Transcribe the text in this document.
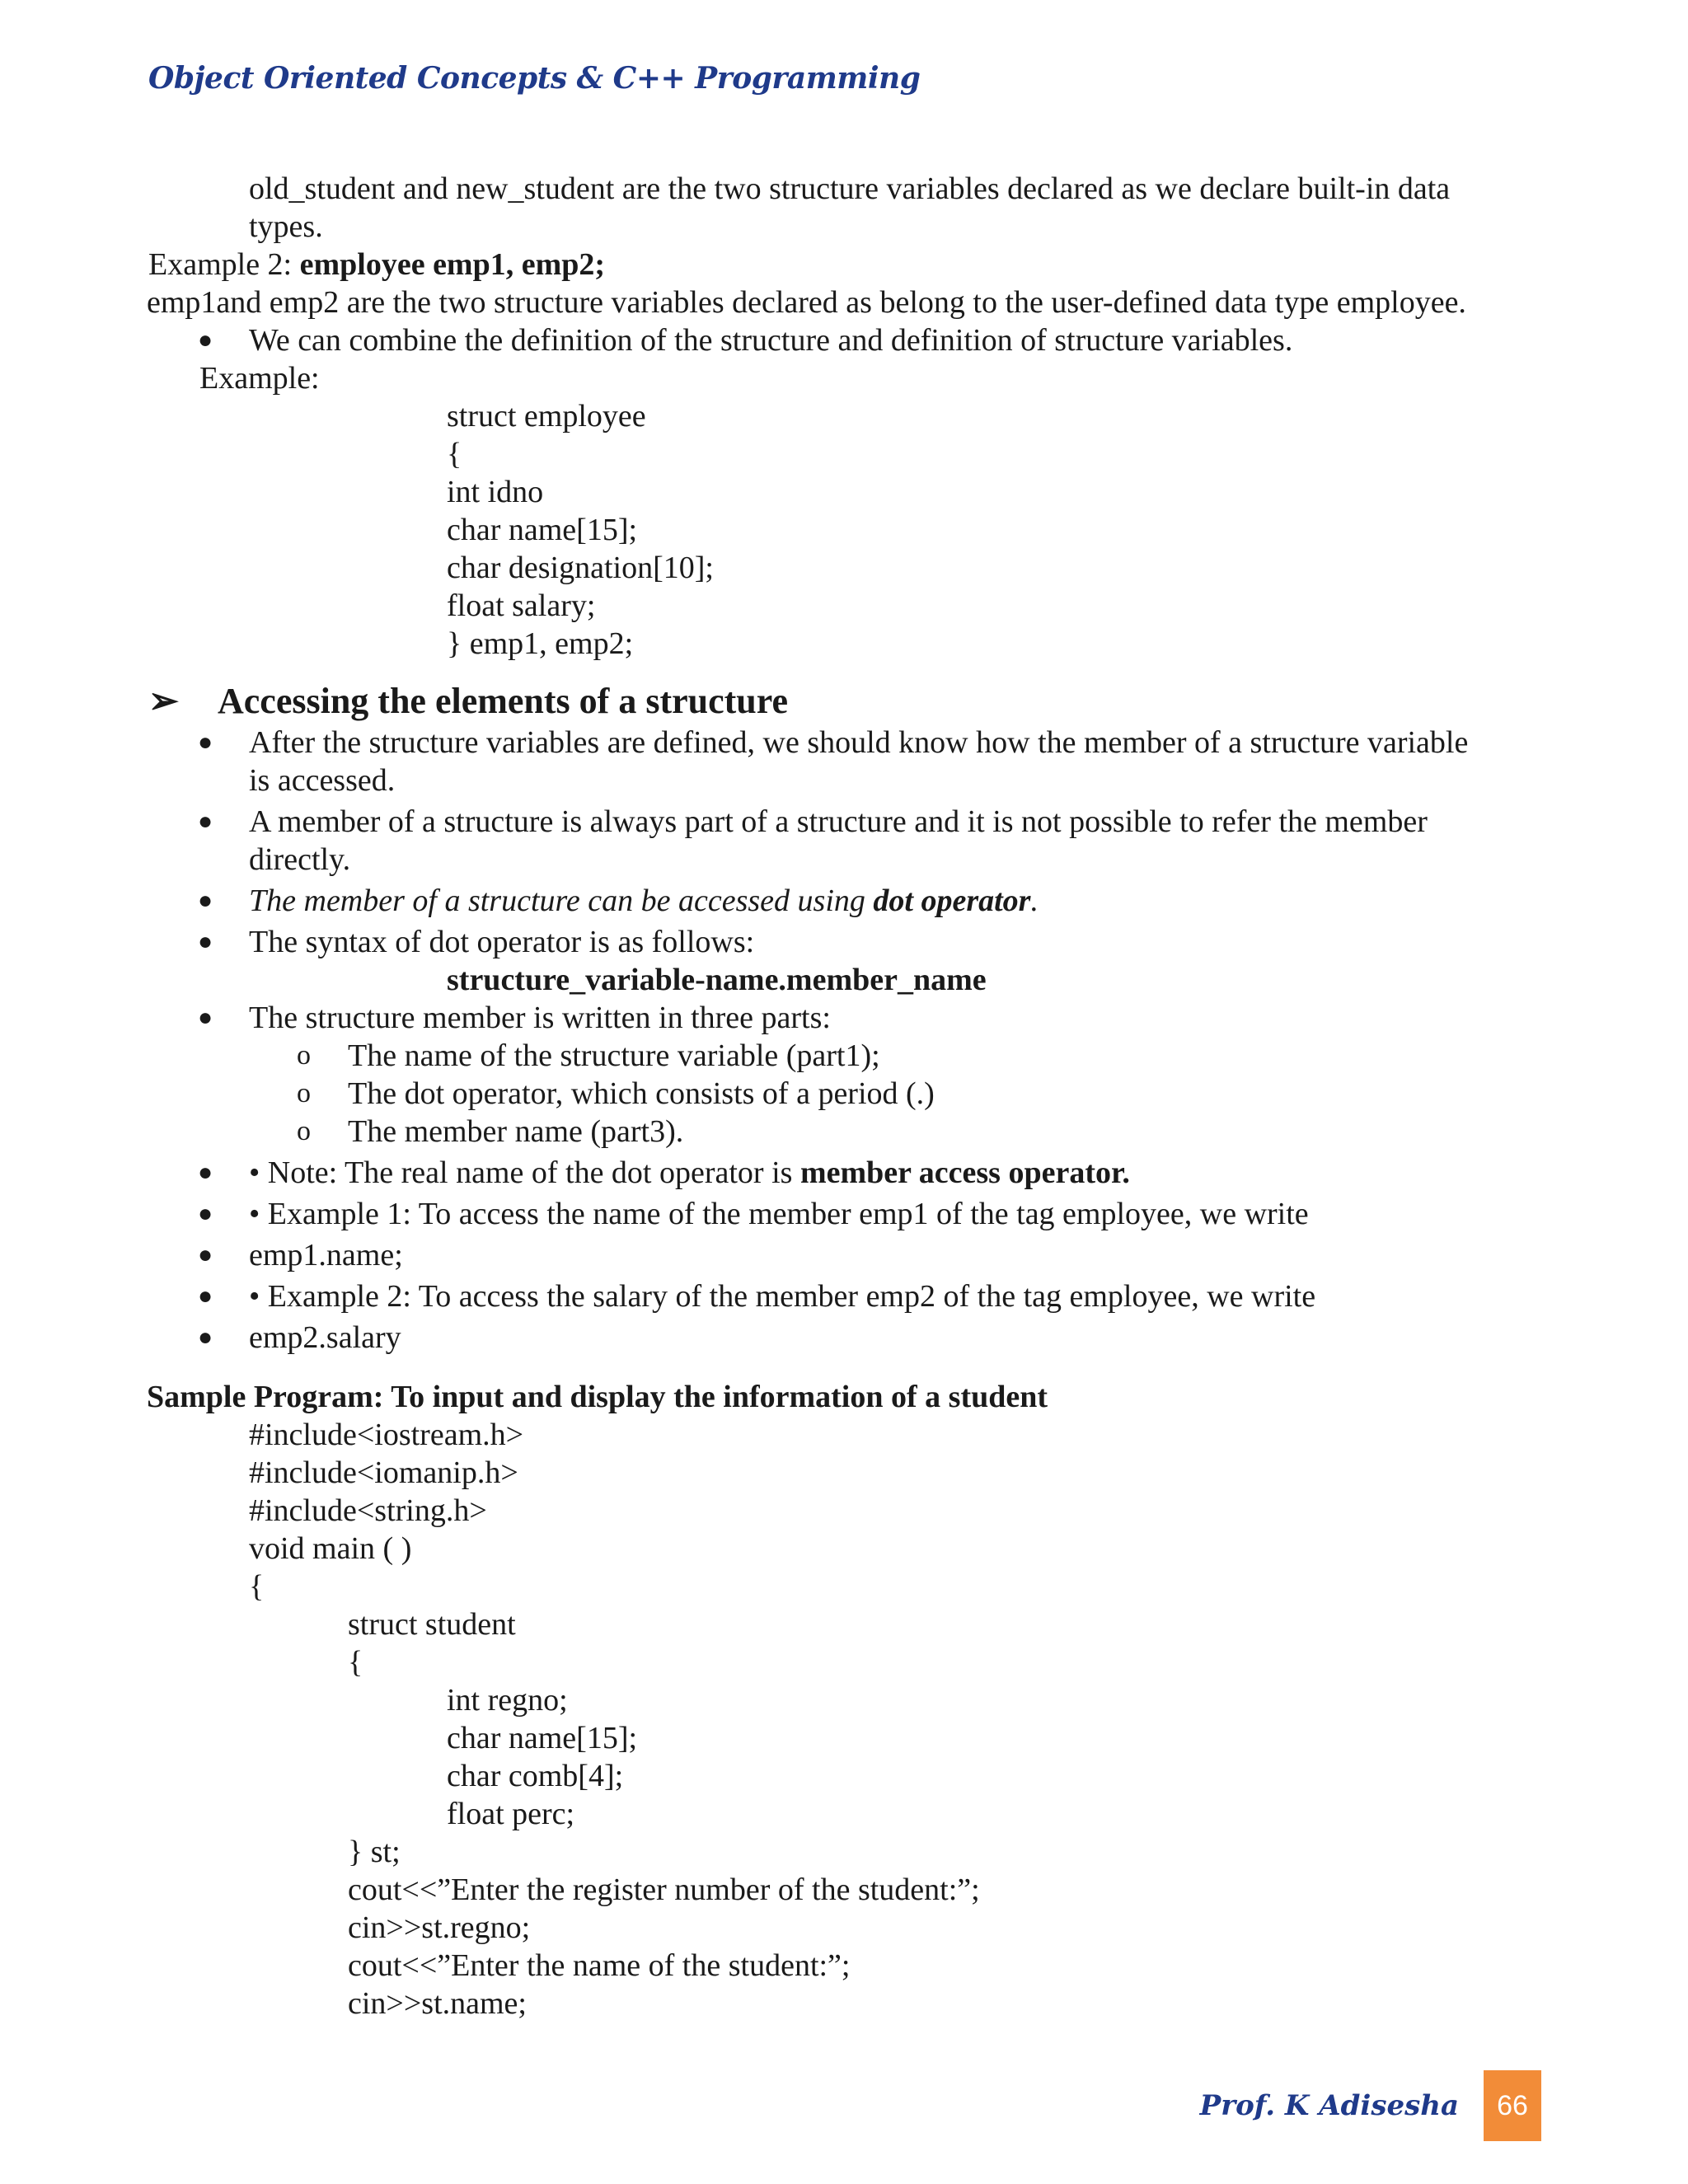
Object Oriented Concepts & C++ Programming
old_student and new_student are the two structure variables declared as we declare built-in data
types.
Example 2: employee emp1, emp2;
emp1and emp2 are the two structure variables declared as belong to the user-defined data type employee.
●	We can combine the definition of the structure and definition of structure variables.
Example:
struct employee
{
int idno
char name[15];
char designation[10];
float salary;
} emp1, emp2;
➢	Accessing the elements of a structure
●	After the structure variables are defined, we should know how the member of a structure variable
is accessed.
●	A member of a structure is always part of a structure and it is not possible to refer the member
directly.
●	The member of a structure can be accessed using dot operator.
●	The syntax of dot operator is as follows:
structure_variable-name.member_name
●	The structure member is written in three parts:
o	The name of the structure variable (part1);
o	The dot operator, which consists of a period (.)
o	The member name (part3).
●	• Note: The real name of the dot operator is member access operator.
●	• Example 1: To access the name of the member emp1 of the tag employee, we write
●	emp1.name;
●	• Example 2: To access the salary of the member emp2 of the tag employee, we write
●	emp2.salary
Sample Program: To input and display the information of a student
#include<iostream.h>
#include<iomanip.h>
#include<string.h>
void main ( )
{
struct student
{
int regno;
char name[15];
char comb[4];
float perc;
} st;
cout<<”Enter the register number of the student:”;
cin>>st.regno;
cout<<”Enter the name of the student:”;
cin>>st.name;
Prof. K Adisesha	66
